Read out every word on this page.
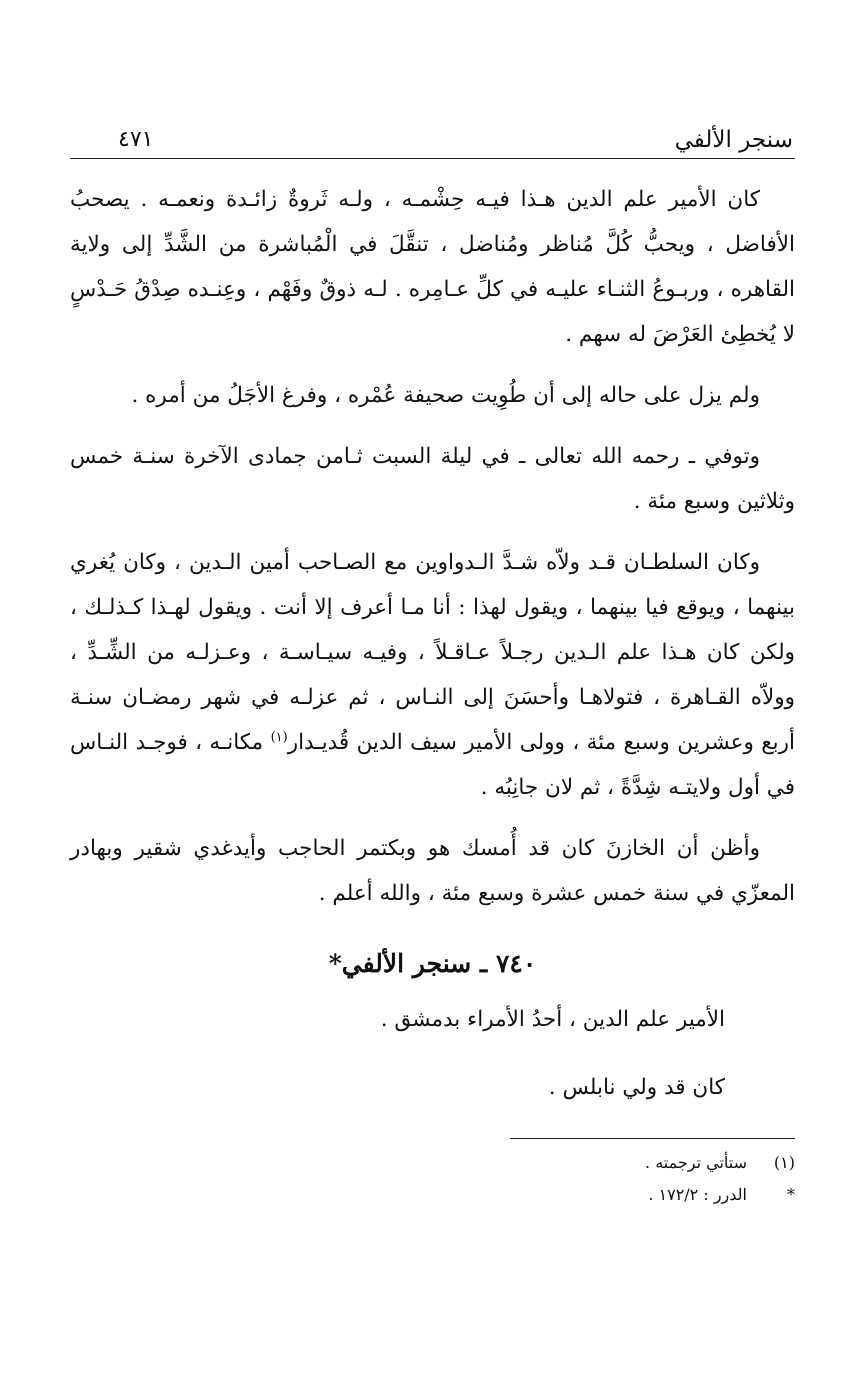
سنجر الألفي
٤٧١

كان الأمير علم الدين هـذا فيـه حِشْمـه ، ولـه ثَروةٌ زائـدة ونعمـه . يصحبُ الأفاضل ، ويحبُّ كُلَّ مُناظر ومُناضل ، تنقَّلَ في الْمُباشرة من الشَّدِّ إلى ولاية القاهره ، وربـوعُ الثنـاء عليـه في كلِّ عـامِره . لـه ذوقٌ وفَهْم ، وعِنـده صِدْقُ حَـدْسٍ لا يُخطِئ العَرْضَ له سهم .

ولم يزل على حاله إلى أن طُوِيت صحيفة عُمْره ، وفرغ الأجَلُ من أمره .

وتوفي ـ رحمه الله تعالى ـ في ليلة السبت ثـامن جمادى الآخرة سنـة خمس وثلاثين وسبع مئة .

وكان السلطـان قـد ولاّه شـدَّ الـدواوين مع الصـاحب أمين الـدين ، وكان يُغري بينهما ، ويوقع فيا بينهما ، ويقول لهذا : أنا مـا أعرف إلا أنت . ويقول لهـذا كـذلـك ، ولكن كان هـذا علم الـدين رجـلاً عـاقـلاً ، وفيـه سيـاسـة ، وعـزلـه من الشِّـدِّ ، وولاّه القـاهرة ، فتولاهـا وأحسَنَ إلى النـاس ، ثم عزلـه في شهر رمضـان سنـة أربع وعشرين وسبع مئة ، وولى الأمير سيف الدين قُديـدار$^{(١)}$ مكانـه ، فوجـد النـاس في أول ولايتـه شِدَّةً ، ثم لان جانِبُه .

وأظن أن الخازنَ كان قد أُمسك هو وبكتمر الحاجب وأيدغدي شقير وبهادر المعزّي في سنة خمس عشرة وسبع مئة ، والله أعلم .

٧٤٠ ـ سنجر الألفي*

الأمير علم الدين ، أحدُ الأمراء بدمشق .

كان قد ولي نابلس .

(١)
ستأتي ترجمته .
*
الدرر : ١٧٢/٢ .
